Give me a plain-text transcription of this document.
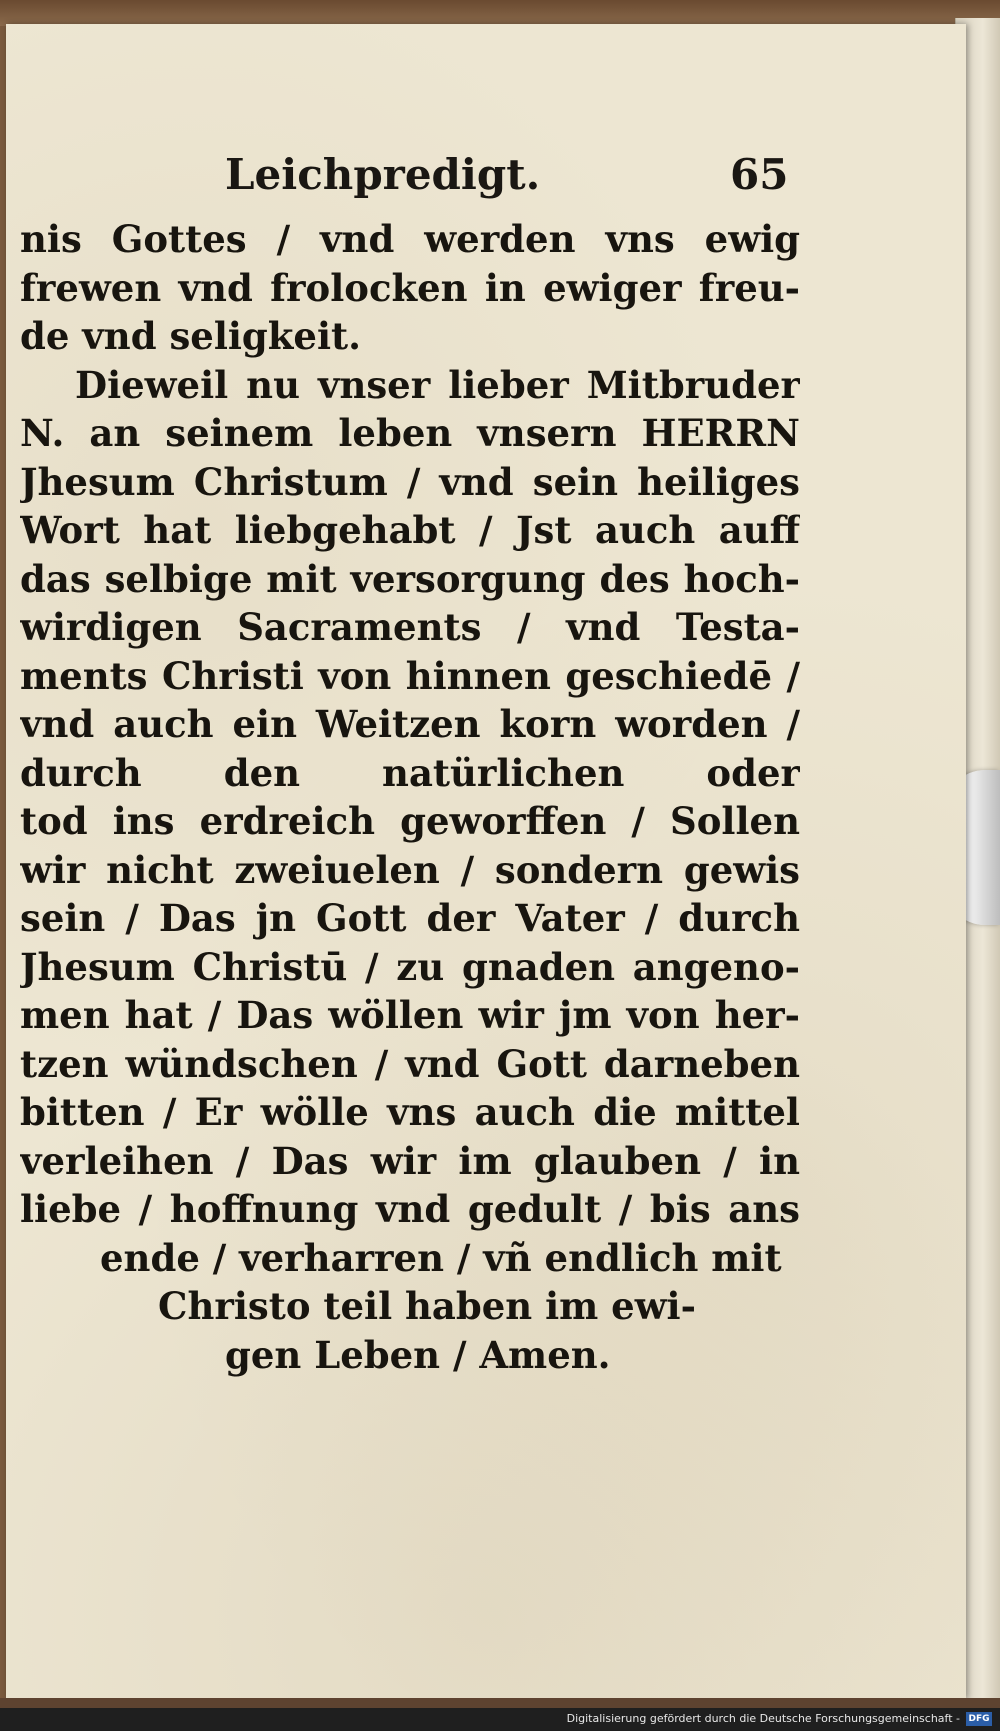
Leichpredigt.	65
nis Gottes / vnd werden vns ewig
frewen vnd frolocken in ewiger freu-
de vnd seligkeit.
Dieweil nu vnser lieber Mitbruder
N. an seinem leben vnsern HERRN
Jhesum Christum / vnd sein heiliges
Wort hat liebgehabt / Jst auch auff
das selbige mit versorgung des hoch-
wirdigen Sacraments / vnd Testa-
ments Christi von hinnen geschiedē /
vnd auch ein Weitzen korn worden /
durch den natürlichen oder
tod ins erdreich geworffen / Sollen
wir nicht zweiuelen / sondern gewis
sein / Das jn Gott der Vater / durch
Jhesum Christū / zu gnaden angeno-
men hat / Das wöllen wir jm von her-
tzen wündschen / vnd Gott darneben
bitten / Er wölle vns auch die mittel
verleihen / Das wir im glauben / in
liebe / hoffnung vnd gedult / bis ans
ende / verharren / vñ endlich mit
Christo teil haben im ewi-
gen Leben / Amen.
Digitalisierung gefördert durch die Deutsche Forschungsgemeinschaft - DFG
